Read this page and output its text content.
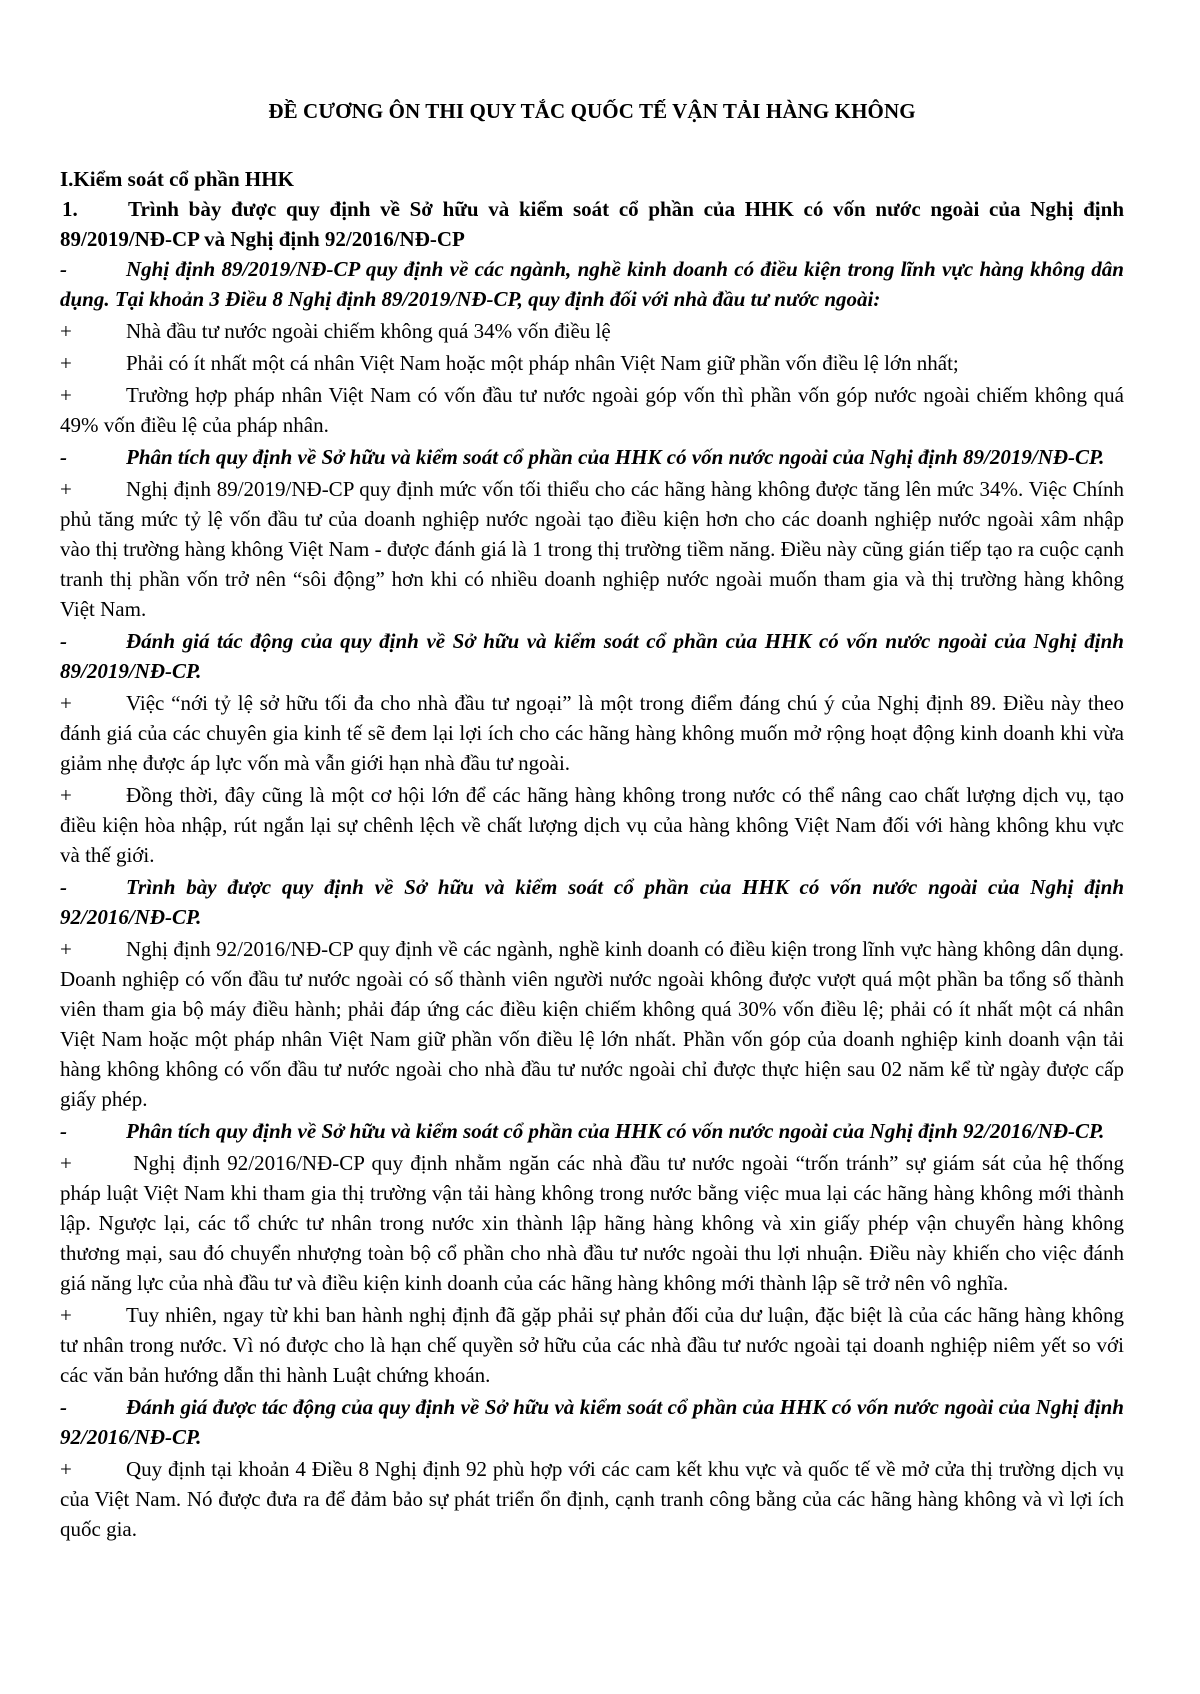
ĐỀ CƯƠNG ÔN THI QUY TẮC QUỐC TẾ VẬN TẢI HÀNG KHÔNG

I.Kiểm soát cổ phần HHK

1. Trình bày được quy định về Sở hữu và kiểm soát cổ phần của HHK có vốn nước ngoài của Nghị định 89/2019/NĐ-CP và Nghị định 92/2016/NĐ-CP

-	Nghị định 89/2019/NĐ-CP quy định về các ngành, nghề kinh doanh có điều kiện trong lĩnh vực hàng không dân dụng. Tại khoản 3 Điều 8 Nghị định 89/2019/NĐ-CP, quy định đối với nhà đầu tư nước ngoài:

+	Nhà đầu tư nước ngoài chiếm không quá 34% vốn điều lệ

+	Phải có ít nhất một cá nhân Việt Nam hoặc một pháp nhân Việt Nam giữ phần vốn điều lệ lớn nhất;

+	Trường hợp pháp nhân Việt Nam có vốn đầu tư nước ngoài góp vốn thì phần vốn góp nước ngoài chiếm không quá 49% vốn điều lệ của pháp nhân.

-	Phân tích quy định về Sở hữu và kiểm soát cổ phần của HHK có vốn nước ngoài của Nghị định 89/2019/NĐ-CP.

+	Nghị định 89/2019/NĐ-CP quy định mức vốn tối thiểu cho các hãng hàng không được tăng lên mức 34%. Việc Chính phủ tăng mức tỷ lệ vốn đầu tư của doanh nghiệp nước ngoài tạo điều kiện hơn cho các doanh nghiệp nước ngoài xâm nhập vào thị trường hàng không Việt Nam - được đánh giá là 1 trong thị trường tiềm năng. Điều này cũng gián tiếp tạo ra cuộc cạnh tranh thị phần vốn trở nên “sôi động” hơn khi có nhiều doanh nghiệp nước ngoài muốn tham gia và thị trường hàng không Việt Nam.

-	Đánh giá tác động của quy định về Sở hữu và kiểm soát cổ phần của HHK có vốn nước ngoài của Nghị định 89/2019/NĐ-CP.

+	Việc “nới tỷ lệ sở hữu tối đa cho nhà đầu tư ngoại” là một trong điểm đáng chú ý của Nghị định 89. Điều này theo đánh giá của các chuyên gia kinh tế sẽ đem lại lợi ích cho các hãng hàng không muốn mở rộng hoạt động kinh doanh khi vừa giảm nhẹ được áp lực vốn mà vẫn giới hạn nhà đầu tư ngoài.

+	Đồng thời, đây cũng là một cơ hội lớn để các hãng hàng không trong nước có thể nâng cao chất lượng dịch vụ, tạo điều kiện hòa nhập, rút ngắn lại sự chênh lệch về chất lượng dịch vụ của hàng không Việt Nam đối với hàng không khu vực và thế giới.

-	Trình bày được quy định về Sở hữu và kiểm soát cổ phần của HHK có vốn nước ngoài của Nghị định 92/2016/NĐ-CP.

+	Nghị định 92/2016/NĐ-CP quy định về các ngành, nghề kinh doanh có điều kiện trong lĩnh vực hàng không dân dụng. Doanh nghiệp có vốn đầu tư nước ngoài có số thành viên người nước ngoài không được vượt quá một phần ba tổng số thành viên tham gia bộ máy điều hành; phải đáp ứng các điều kiện chiếm không quá 30% vốn điều lệ; phải có ít nhất một cá nhân Việt Nam hoặc một pháp nhân Việt Nam giữ phần vốn điều lệ lớn nhất. Phần vốn góp của doanh nghiệp kinh doanh vận tải hàng không không có vốn đầu tư nước ngoài cho nhà đầu tư nước ngoài chỉ được thực hiện sau 02 năm kể từ ngày được cấp giấy phép.

-	Phân tích quy định về Sở hữu và kiểm soát cổ phần của HHK có vốn nước ngoài của Nghị định 92/2016/NĐ-CP.

+	Nghị định 92/2016/NĐ-CP quy định nhằm ngăn các nhà đầu tư nước ngoài “trốn tránh” sự giám sát của hệ thống pháp luật Việt Nam khi tham gia thị trường vận tải hàng không trong nước bằng việc mua lại các hãng hàng không mới thành lập. Ngược lại, các tổ chức tư nhân trong nước xin thành lập hãng hàng không và xin giấy phép vận chuyển hàng không thương mại, sau đó chuyển nhượng toàn bộ cổ phần cho nhà đầu tư nước ngoài thu lợi nhuận. Điều này khiến cho việc đánh giá năng lực của nhà đầu tư và điều kiện kinh doanh của các hãng hàng không mới thành lập sẽ trở nên vô nghĩa.

+	Tuy nhiên, ngay từ khi ban hành nghị định đã gặp phải sự phản đối của dư luận, đặc biệt là của các hãng hàng không tư nhân trong nước. Vì nó được cho là hạn chế quyền sở hữu của các nhà đầu tư nước ngoài tại doanh nghiệp niêm yết so với các văn bản hướng dẫn thi hành Luật chứng khoán.

-	Đánh giá được tác động của quy định về Sở hữu và kiểm soát cổ phần của HHK có vốn nước ngoài của Nghị định 92/2016/NĐ-CP.

+	Quy định tại khoản 4 Điều 8 Nghị định 92 phù hợp với các cam kết khu vực và quốc tế về mở cửa thị trường dịch vụ của Việt Nam. Nó được đưa ra để đảm bảo sự phát triển ổn định, cạnh tranh công bằng của các hãng hàng không và vì lợi ích quốc gia.
